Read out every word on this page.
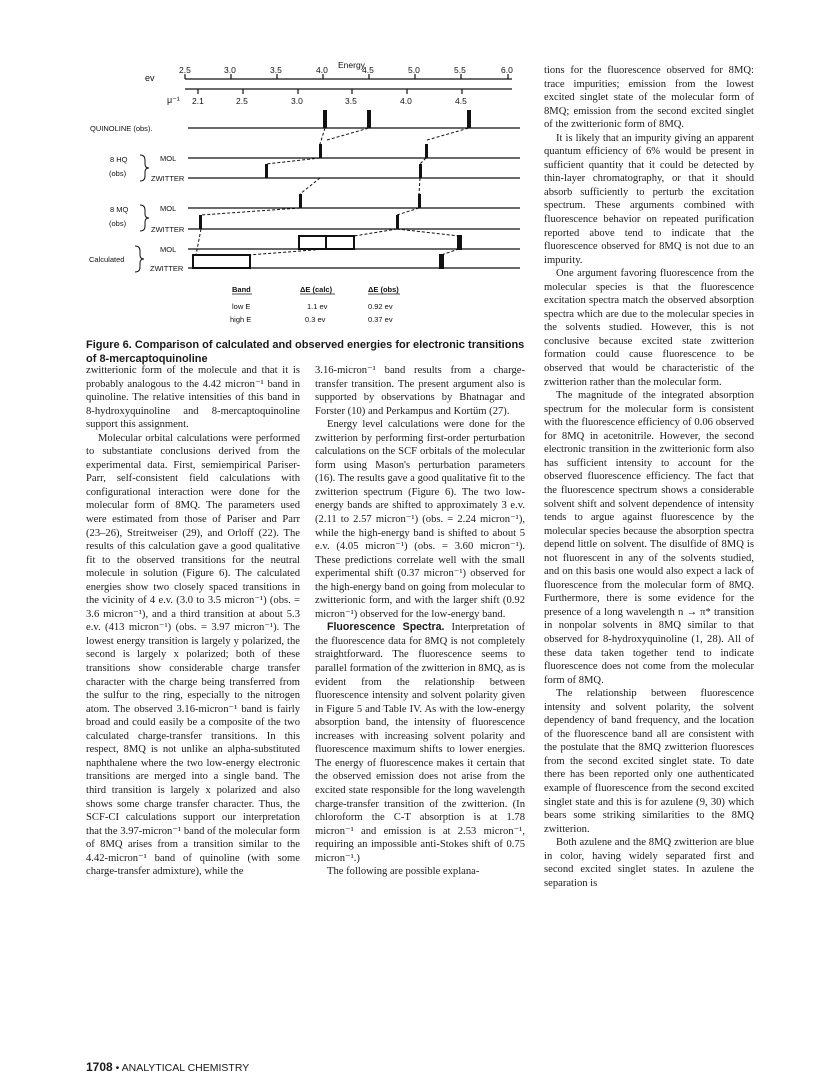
Energy
ev
2.5	3.0	3.5	4.0	4.5	5.0	5.5	6.0
μ⁻¹ 2.1	2.5	3.0	3.5	4.0	4.5
QUINOLINE (obs).
8 HQ
(obs)
MOL
ZWITTER
8 MQ
(obs)
MOL
ZWITTER
Calculated
MOL
ZWITTER
Band	ΔE (calc)	ΔE (obs)
low E	1.1 ev	0.92 ev
high E	0.3 ev	0.37 ev
Figure 6. Comparison of calculated and observed energies for electronic transitions of 8-mercaptoquinoline

zwitterionic form of the molecule and that it is probably analogous to the 4.42 micron⁻¹ band in quinoline. The relative intensities of this band in 8-hydroxyquinoline and 8-mercaptoquinoline support this assignment.

Molecular orbital calculations were performed to substantiate conclusions derived from the experimental data. First, semiempirical Pariser-Parr, self-consistent field calculations with configurational interaction were done for the molecular form of 8MQ. The parameters used were estimated from those of Pariser and Parr (23–26), Streitweiser (29), and Orloff (22). The results of this calculation gave a good qualitative fit to the observed transitions for the neutral molecule in solution (Figure 6). The calculated energies show two closely spaced transitions in the vicinity of 4 e.v. (3.0 to 3.5 micron⁻¹) (obs. = 3.6 micron⁻¹), and a third transition at about 5.3 e.v. (413 micron⁻¹) (obs. = 3.97 micron⁻¹). The lowest energy transition is largely y polarized, the second is largely x polarized; both of these transitions show considerable charge transfer character with the charge being transferred from the sulfur to the ring, especially to the nitrogen atom. The observed 3.16-micron⁻¹ band is fairly broad and could easily be a composite of the two calculated charge-transfer transitions. In this respect, 8MQ is not unlike an alpha-substituted naphthalene where the two low-energy electronic transitions are merged into a single band. The third transition is largely x polarized and also shows some charge transfer character. Thus, the SCF-CI calculations support our interpretation that the 3.97-micron⁻¹ band of the molecular form of 8MQ arises from a transition similar to the 4.42-micron⁻¹ band of quinoline (with some charge-transfer admixture), while the

3.16-micron⁻¹ band results from a charge-transfer transition. The present argument also is supported by observations by Bhatnagar and Forster (10) and Perkampus and Kortüm (27).

Energy level calculations were done for the zwitterion by performing first-order perturbation calculations on the SCF orbitals of the molecular form using Mason's perturbation parameters (16). The results gave a good qualitative fit to the zwitterion spectrum (Figure 6). The two low-energy bands are shifted to approximately 3 e.v. (2.11 to 2.57 micron⁻¹) (obs. = 2.24 micron⁻¹), while the high-energy band is shifted to about 5 e.v. (4.05 micron⁻¹) (obs. = 3.60 micron⁻¹). These predictions correlate well with the small experimental shift (0.37 micron⁻¹) observed for the high-energy band on going from molecular to zwitterionic form, and with the larger shift (0.92 micron⁻¹) observed for the low-energy band.

Fluorescence Spectra. Interpretation of the fluorescence data for 8MQ is not completely straightforward. The fluorescence seems to parallel formation of the zwitterion in 8MQ, as is evident from the relationship between fluorescence intensity and solvent polarity given in Figure 5 and Table IV. As with the low-energy absorption band, the intensity of fluorescence increases with increasing solvent polarity and fluorescence maximum shifts to lower energies. The energy of fluorescence makes it certain that the observed emission does not arise from the excited state responsible for the long wavelength charge-transfer transition of the zwitterion. (In chloroform the C-T absorption is at 1.78 micron⁻¹ and emission is at 2.53 micron⁻¹, requiring an impossible anti-Stokes shift of 0.75 micron⁻¹.)

The following are possible explana-

tions for the fluorescence observed for 8MQ: trace impurities; emission from the lowest excited singlet state of the molecular form of 8MQ; emission from the second excited singlet of the zwitterionic form of 8MQ.

It is likely that an impurity giving an apparent quantum efficiency of 6% would be present in sufficient quantity that it could be detected by thin-layer chromatography, or that it should absorb sufficiently to perturb the excitation spectrum. These arguments combined with fluorescence behavior on repeated purification reported above tend to indicate that the fluorescence observed for 8MQ is not due to an impurity.

One argument favoring fluorescence from the molecular species is that the fluorescence excitation spectra match the observed absorption spectra which are due to the molecular species in the solvents studied. However, this is not conclusive because excited state zwitterion formation could cause fluorescence to be observed that would be characteristic of the zwitterion rather than the molecular form.

The magnitude of the integrated absorption spectrum for the molecular form is consistent with the fluorescence efficiency of 0.06 observed for 8MQ in acetonitrile. However, the second electronic transition in the zwitterionic form also has sufficient intensity to account for the observed fluorescence efficiency. The fact that the fluorescence spectrum shows a considerable solvent shift and solvent dependence of intensity tends to argue against fluorescence by the molecular species because the absorption spectra depend little on solvent. The disulfide of 8MQ is not fluorescent in any of the solvents studied, and on this basis one would also expect a lack of fluorescence from the molecular form of 8MQ. Furthermore, there is some evidence for the presence of a long wavelength n → π* transition in nonpolar solvents in 8MQ similar to that observed for 8-hydroxyquinoline (1, 28). All of these data taken together tend to indicate fluorescence does not come from the molecular form of 8MQ.

The relationship between fluorescence intensity and solvent polarity, the solvent dependency of band frequency, and the location of the fluorescence band all are consistent with the postulate that the 8MQ zwitterion fluoresces from the second excited singlet state. To date there has been reported only one authenticated example of fluorescence from the second excited singlet state and this is for azulene (9, 30) which bears some striking similarities to the 8MQ zwitterion.

Both azulene and the 8MQ zwitterion are blue in color, having widely separated first and second excited singlet states. In azulene the separation is

1708 • ANALYTICAL CHEMISTRY
